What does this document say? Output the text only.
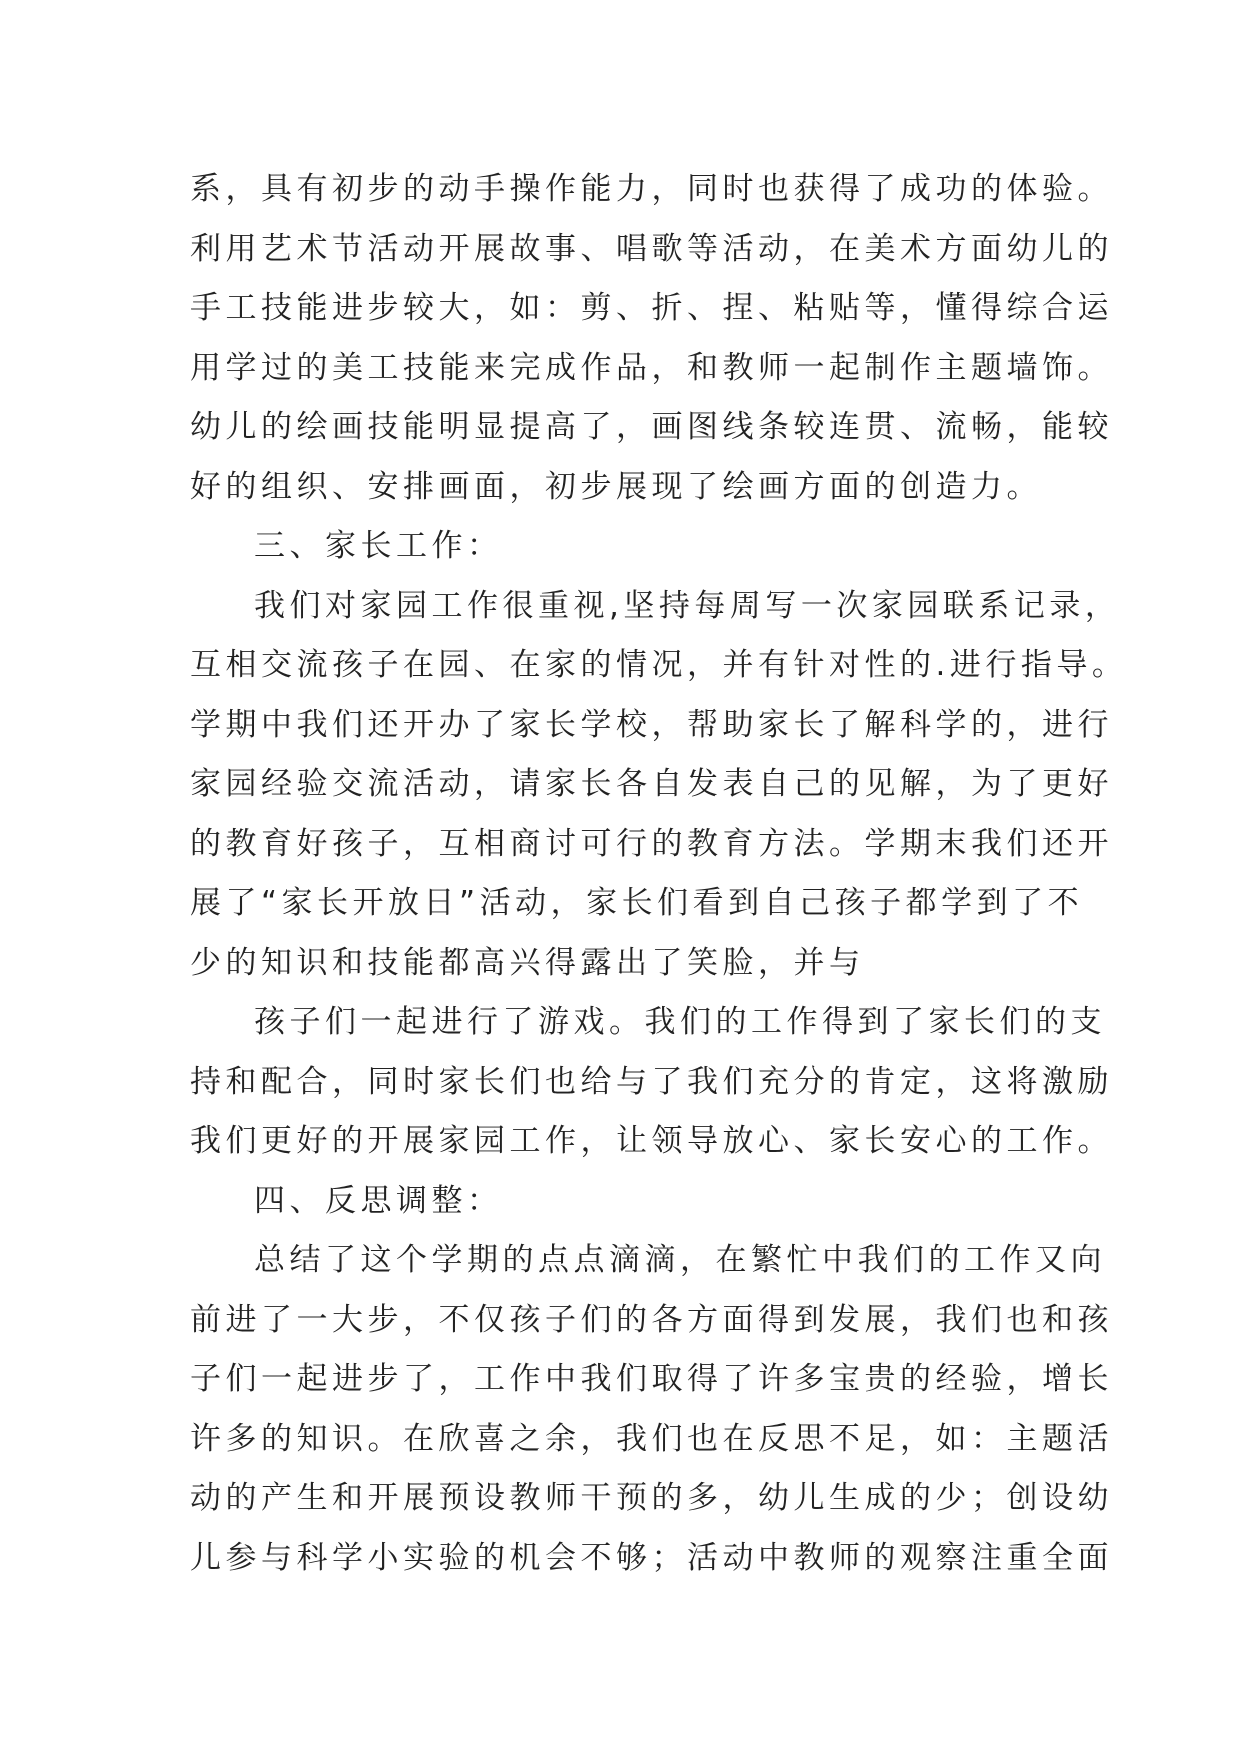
系，具有初步的动手操作能力，同时也获得了成功的体验。
利用艺术节活动开展故事、唱歌等活动，在美术方面幼儿的
手工技能进步较大，如：剪、折、捏、粘贴等，懂得综合运
用学过的美工技能来完成作品，和教师一起制作主题墙饰。
幼儿的绘画技能明显提高了，画图线条较连贯、流畅，能较
好的组织、安排画面，初步展现了绘画方面的创造力。
三、家长工作：
我们对家园工作很重视,坚持每周写一次家园联系记录，
互相交流孩子在园、在家的情况，并有针对性的.进行指导。
学期中我们还开办了家长学校，帮助家长了解科学的，进行
家园经验交流活动，请家长各自发表自己的见解，为了更好
的教育好孩子，互相商讨可行的教育方法。学期末我们还开
展了“家长开放日”活动，家长们看到自己孩子都学到了不
少的知识和技能都高兴得露出了笑脸，并与
孩子们一起进行了游戏。我们的工作得到了家长们的支
持和配合，同时家长们也给与了我们充分的肯定，这将激励
我们更好的开展家园工作，让领导放心、家长安心的工作。
四、反思调整：
总结了这个学期的点点滴滴，在繁忙中我们的工作又向
前进了一大步，不仅孩子们的各方面得到发展，我们也和孩
子们一起进步了，工作中我们取得了许多宝贵的经验，增长
许多的知识。在欣喜之余，我们也在反思不足，如：主题活
动的产生和开展预设教师干预的多，幼儿生成的少；创设幼
儿参与科学小实验的机会不够；活动中教师的观察注重全面
